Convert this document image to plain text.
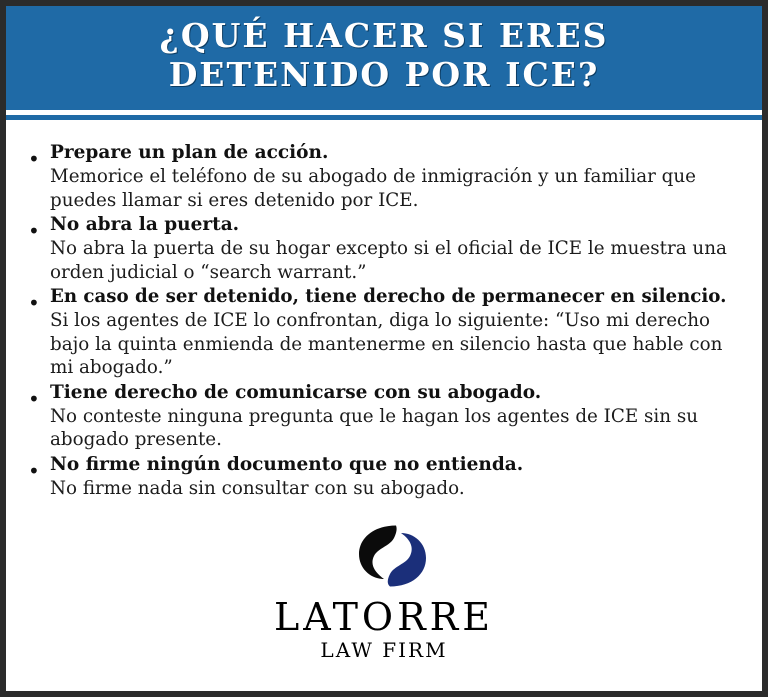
¿QUÉ HACER SI ERES
DETENIDO POR ICE?
• Prepare un plan de acción.
Memorice el teléfono de su abogado de inmigración y un familiar que puedes llamar si eres detenido por ICE.
• No abra la puerta.
No abra la puerta de su hogar excepto si el oficial de ICE le muestra una orden judicial o “search warrant.”
• En caso de ser detenido, tiene derecho de permanecer en silencio.
Si los agentes de ICE lo confrontan, diga lo siguiente: “Uso mi derecho bajo la quinta enmienda de mantenerme en silencio hasta que hable con mi abogado.”
• Tiene derecho de comunicarse con su abogado.
No conteste ninguna pregunta que le hagan los agentes de ICE sin su abogado presente.
• No firme ningún documento que no entienda.
No firme nada sin consultar con su abogado.
LATORRE
LAW FIRM
